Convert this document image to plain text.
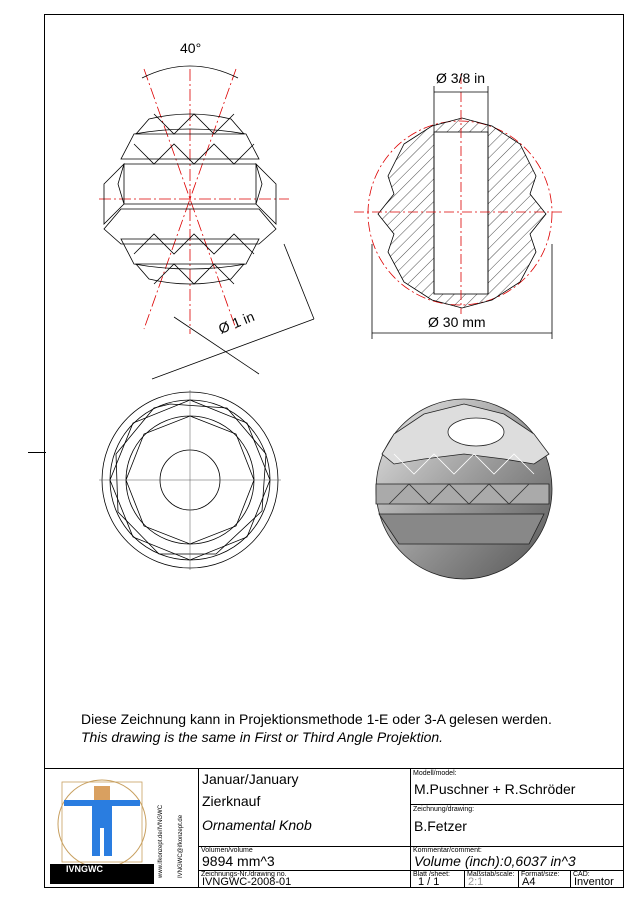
40°
Ø 3/8 in
Ø 1 in	Ø 30 mm
Diese Zeichnung kann in Projektionsmethode 1-E oder 3-A gelesen werden.
This drawing is the same in First or Third Angle Projektion.
IVNGWC
2008
www.ifkonzept.de/IVNGWC IVNGWC@ifkonzept.de
Januar/January
Zierknauf
Ornamental Knob
Volumen/volume
9894 mm^3
Zeichnungs-Nr./drawing no.
IVNGWC-2008-01
Modell/model:
M.Puschner + R.Schröder
Zeichnung/drawing:
B.Fetzer
Kommentar/comment:
Volume (inch):0,6037 in^3
Blatt /sheet:
1 / 1
Maßstab/scale:
2:1
Format/size:
A4
CAD:
Inventor
